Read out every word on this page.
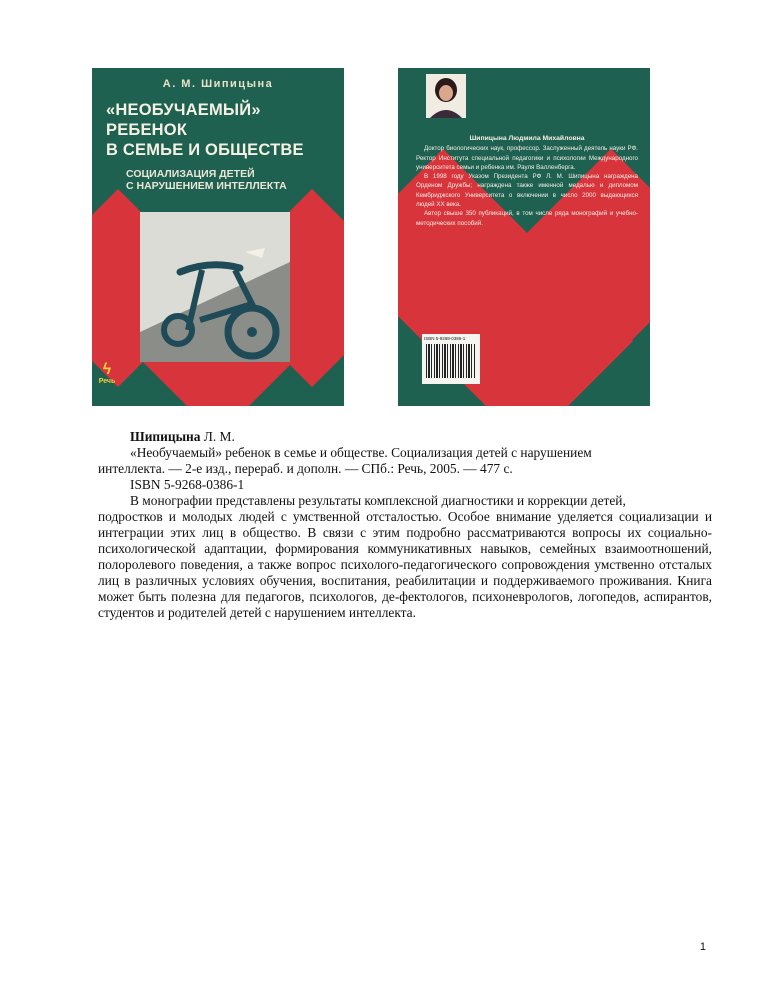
А. М. Шипицына
«НЕОБУЧАЕМЫЙ» РЕБЕНОК
В СЕМЬЕ И ОБЩЕСТВЕ
СОЦИАЛИЗАЦИЯ ДЕТЕЙ
С НАРУШЕНИЕМ ИНТЕЛЛЕКТА
ϟ
Речь
Шипицына Людмила Михайловна

Доктор биологических наук, профессор. Заслуженный деятель науки РФ. Ректор Института специальной педагогики и психологии Международного университета семьи и ребенка им. Рауля Валленберга.

В 1998 году Указом Президента РФ Л. М. Шипицына награждена Орденом Дружбы; награждена также именной медалью и дипломом Кембриджского Университета о включении в число 2000 выдающихся людей XX века.

Автор свыше 350 публикаций, в том числе ряда монографий и учебно-методических пособий.

ISBN 5-9268-0386-1

Шипицына Л. М.

«Необучаемый» ребенок в семье и обществе. Социализация детей с нарушением

интеллекта. — 2-е изд., перераб. и дополн. — СПб.: Речь, 2005. — 477 с.

ISBN 5-9268-0386-1

В монографии представлены результаты комплексной диагностики и коррекции детей,

подростков и молодых людей с умственной отсталостью. Особое внимание уделяется социализации и интеграции этих лиц в общество. В связи с этим подробно рассматриваются вопросы их социально-психологической адаптации, формирования коммуникативных навыков, семейных взаимоотношений, полоролевого поведения, а также вопрос психолого-педагогического сопровождения умственно отсталых лиц в различных условиях обучения, воспитания, реабилитации и поддерживаемого проживания. Книга может быть полезна для педагогов, психологов, де-фектологов, психоневрологов, логопедов, аспирантов, студентов и родителей детей с нарушением интеллекта.

1
